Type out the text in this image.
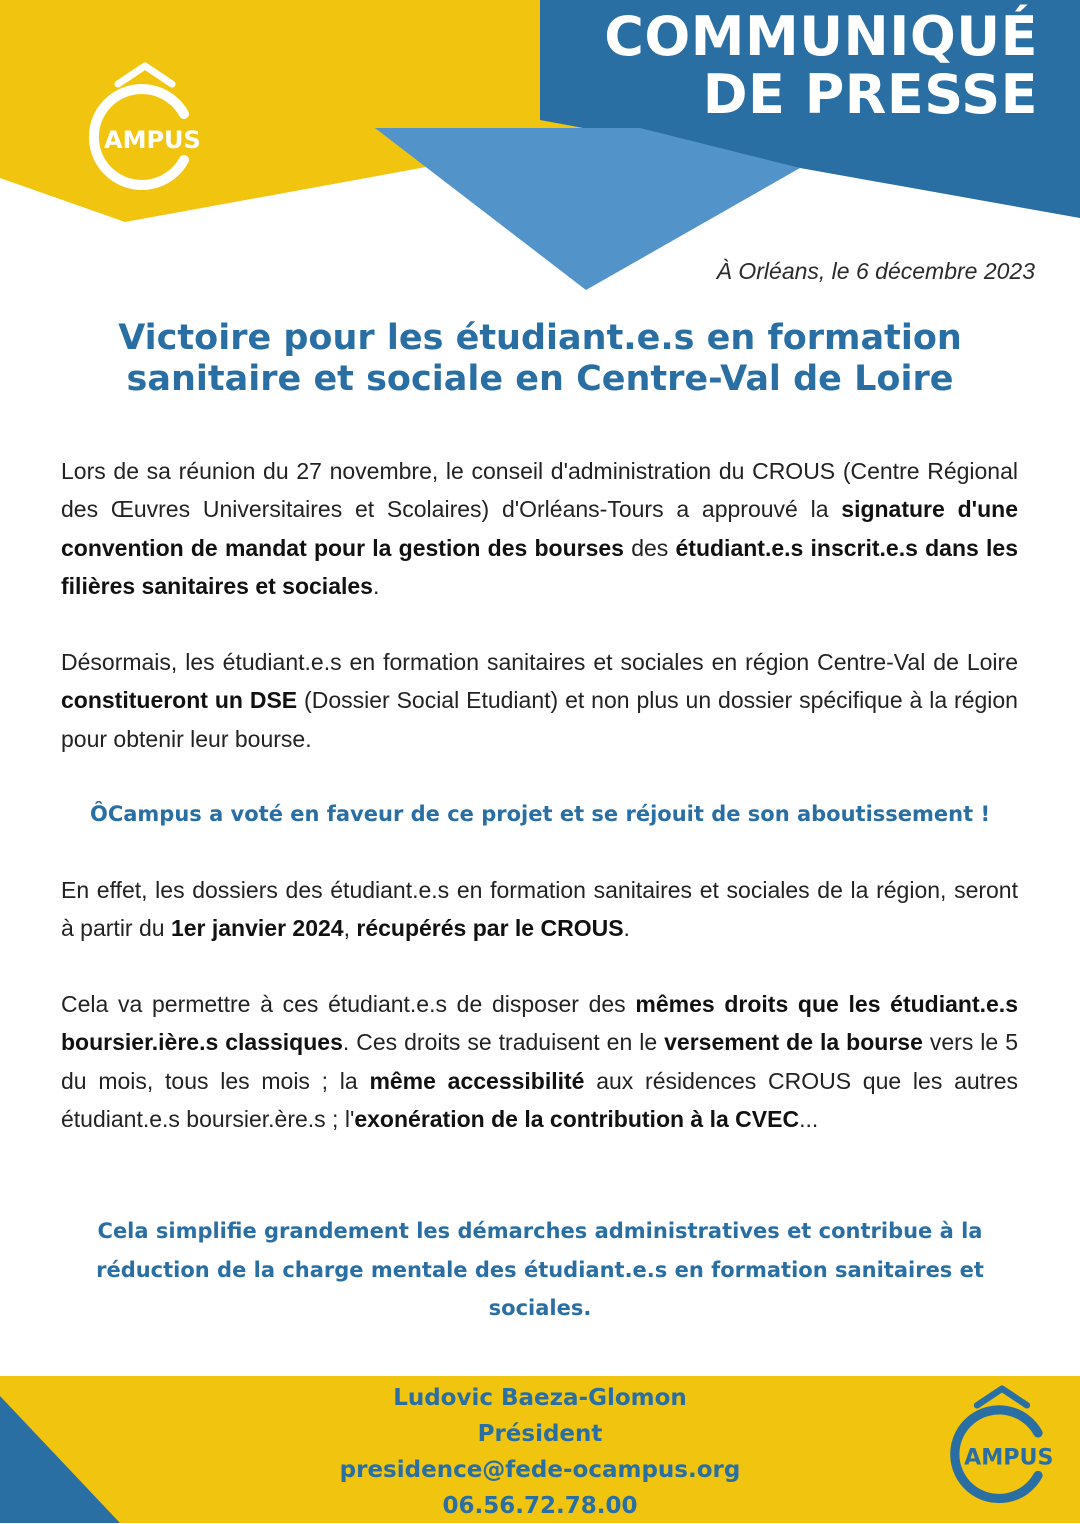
AMPUS
COMMUNIQUÉ
DE PRESSE

À Orléans, le 6 décembre 2023

Victoire pour les étudiant.e.s en formation
sanitaire et sociale en Centre-Val de Loire

Lors de sa réunion du 27 novembre, le conseil d'administration du CROUS (Centre Régional des Œuvres Universitaires et Scolaires) d'Orléans-Tours a approuvé la signature d'une convention de mandat pour la gestion des bourses des étudiant.e.s inscrit.e.s dans les filières sanitaires et sociales.

Désormais, les étudiant.e.s en formation sanitaires et sociales en région Centre-Val de Loire constitueront un DSE (Dossier Social Etudiant) et non plus un dossier spécifique à la région pour obtenir leur bourse.

ÔCampus a voté en faveur de ce projet et se réjouit de son aboutissement !

En effet, les dossiers des étudiant.e.s en formation sanitaires et sociales de la région, seront à partir du 1er janvier 2024, récupérés par le CROUS.

Cela va permettre à ces étudiant.e.s de disposer des mêmes droits que les étudiant.e.s boursier.ière.s classiques. Ces droits se traduisent en le versement de la bourse vers le 5 du mois, tous les mois ; la même accessibilité aux résidences CROUS que les autres étudiant.e.s boursier.ère.s ; l'exonération de la contribution à la CVEC...

Cela simplifie grandement les démarches administratives et contribue à la réduction de la charge mentale des étudiant.e.s en formation sanitaires et sociales.

Ludovic Baeza-Glomon
Président
presidence@fede-ocampus.org
06.56.72.78.00

AMPUS
